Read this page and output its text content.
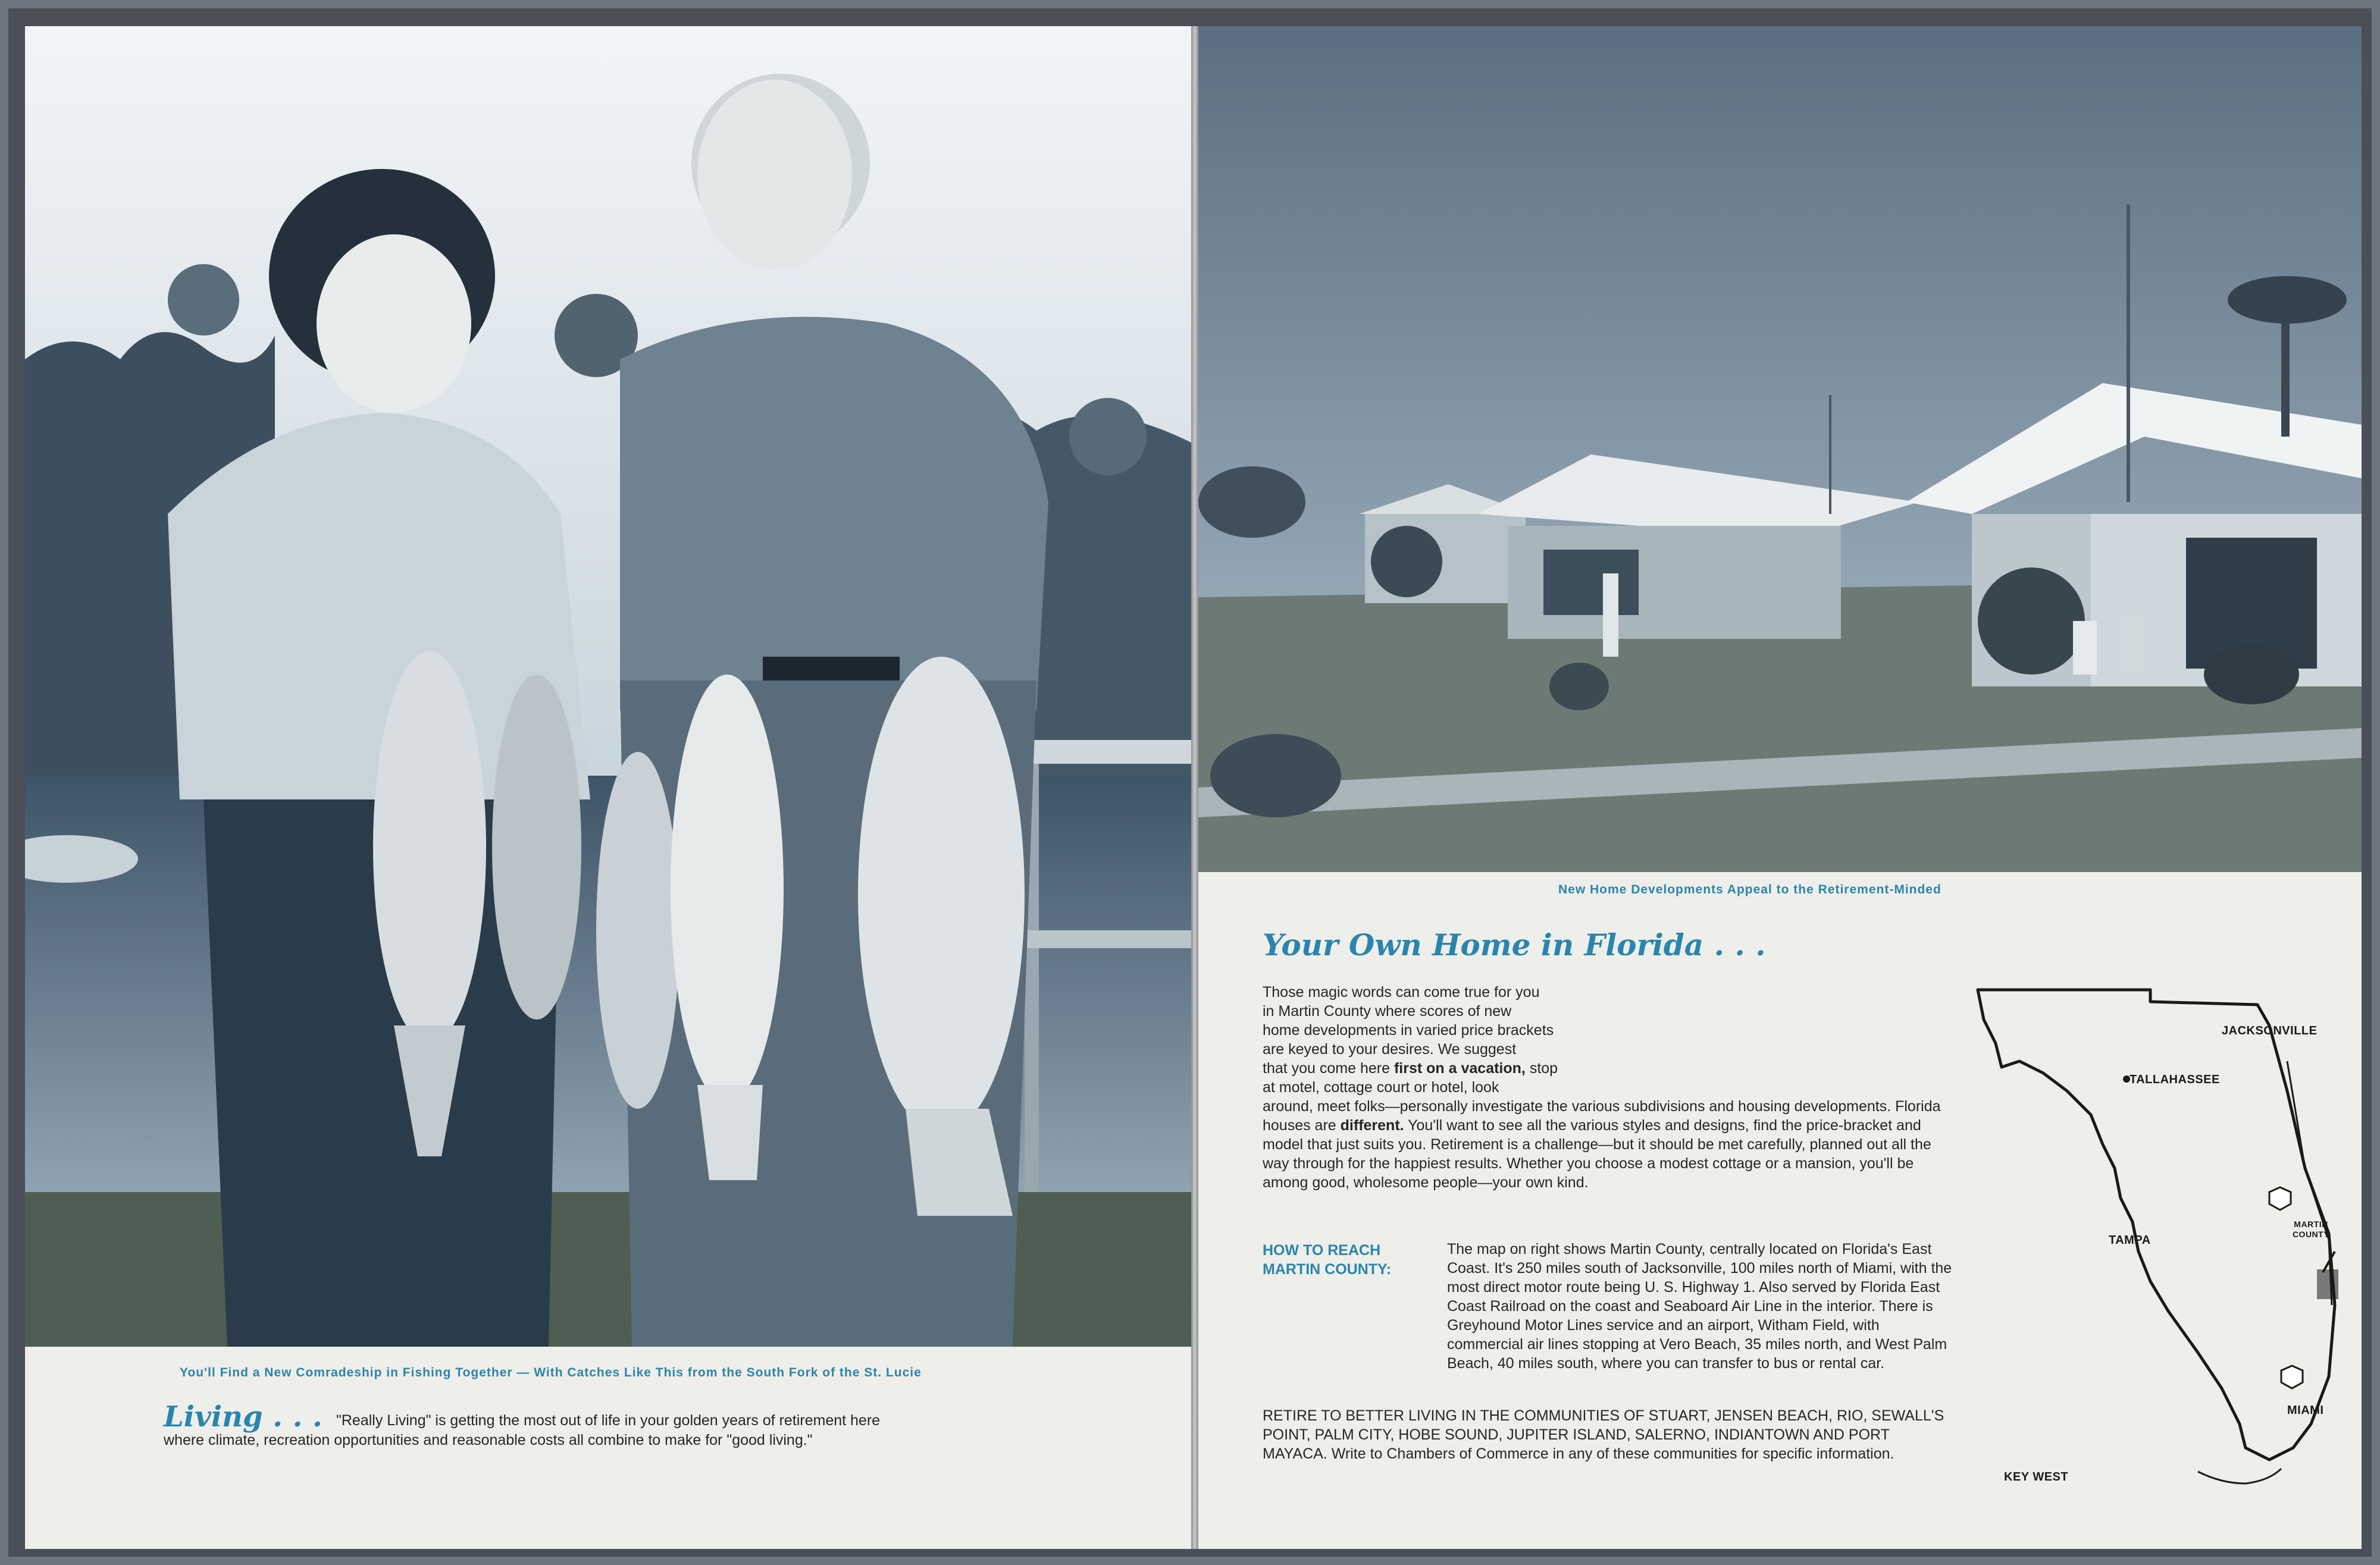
You'll Find a New Comradeship in Fishing Together — With Catches Like This from the South Fork of the St. Lucie
Living . . . "Really Living" is getting the most out of life in your golden years of retirement here where climate, recreation opportunities and reasonable costs all combine to make for "good living."
New Home Developments Appeal to the Retirement-Minded
Your Own Home in Florida . . .
Those magic words can come true for you
in Martin County where scores of new
home developments in varied price brackets
are keyed to your desires. We suggest
that you come here first on a vacation, stop
at motel, cottage court or hotel, look
around, meet folks—personally investigate the various subdivisions and housing developments. Florida houses are different. You'll want to see all the various styles and designs, find the price-bracket and model that just suits you. Retirement is a challenge—but it should be met carefully, planned out all the way through for the happiest results. Whether you choose a modest cottage or a mansion, you'll be among good, wholesome people—your own kind.
HOW TO REACH MARTIN COUNTY:
The map on right shows Martin County, centrally located on Florida's East Coast. It's 250 miles south of Jacksonville, 100 miles north of Miami, with the most direct motor route being U. S. Highway 1. Also served by Florida East Coast Railroad on the coast and Seaboard Air Line in the interior. There is Greyhound Motor Lines service and an airport, Witham Field, with commercial air lines stopping at Vero Beach, 35 miles north, and West Palm Beach, 40 miles south, where you can transfer to bus or rental car.
RETIRE TO BETTER LIVING IN THE COMMUNITIES OF STUART, JENSEN BEACH, RIO, SEWALL'S POINT, PALM CITY, HOBE SOUND, JUPITER ISLAND, SALERNO, INDIANTOWN AND PORT MAYACA. Write to Chambers of Commerce in any of these communities for specific information.
TALLAHASSEE
JACKSONVILLE
TAMPA
MARTIN COUNTY
MIAMI
KEY WEST
